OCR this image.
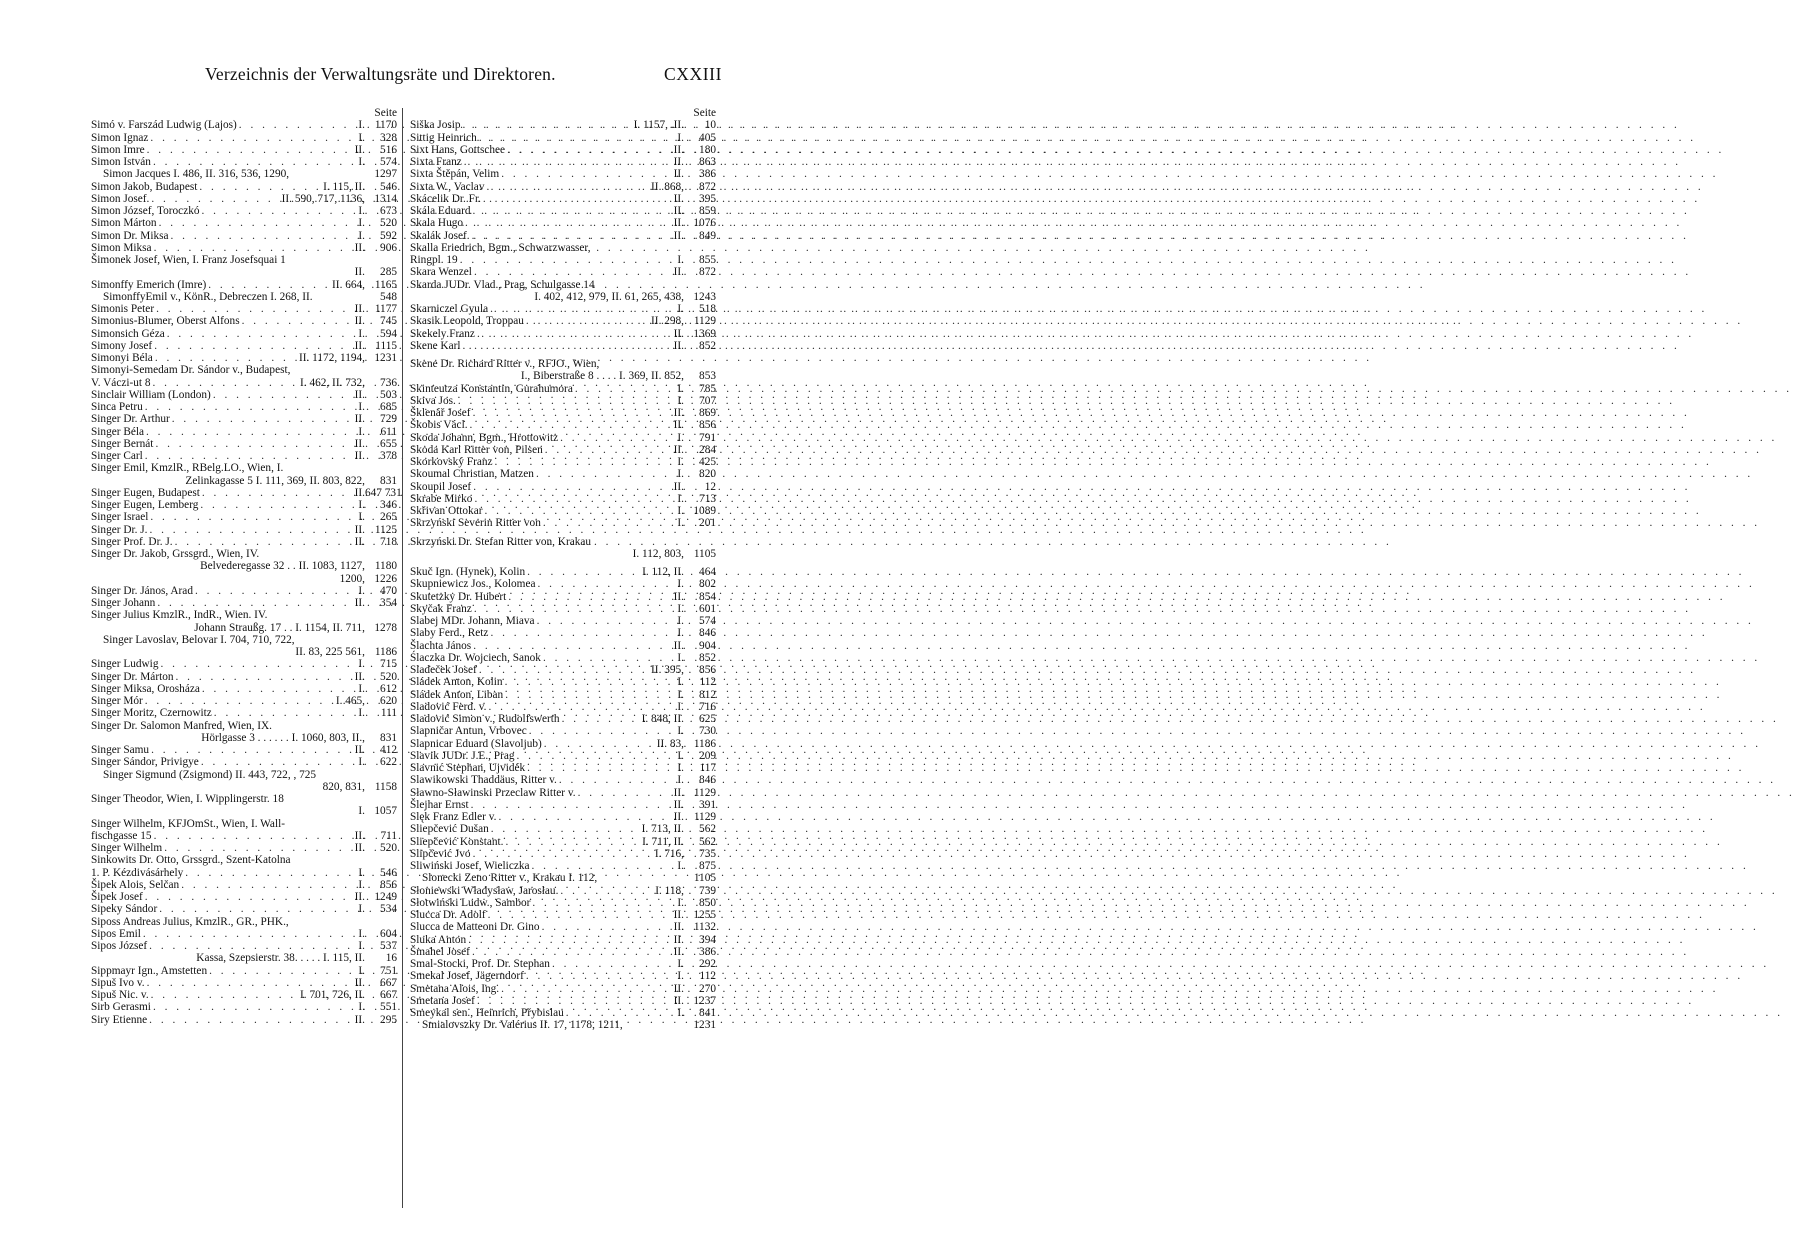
Verzeichnis der Verwaltungsräte und Direktoren.	CXXIII
Seite
Simó v. Farszád Ludwig (Lajos) . . .	I. 1170
Simon Ignaz . . .	I.	328
Simon Imre . . .	II.	516
Simon István . . .	I.	574
Simon Jacques I. 486, II. 316, 536, 1290,	1297
Simon Jakob, Budapest . . .	I. 115, II.	546
Simon Josef. . . .	II. 590, 717, 1136, 1314
Simon József, Toroczkó . . .	I.	673
Simon Márton . . .	I.	520
Simon Dr. Miksa . . .	I.	592
Simon Miksa . . .	II.	906
Šimonek Josef, Wien, I. Franz Josefsquai 1
II.	285
Simonffy Emerich (Imre) . . .	II. 664, 1165
SimonffyEmil v., KönR., Debreczen I. 268, II.	548
Simonis Peter . . .	II. 1177
Simonius-Blumer, Oberst Alfons . . .	II.	745
Simonsich Géza . . .	I.	594
Simony Josef . . .	II. 1115
Simonyi Béla . . .	II. 1172, 1194, 1231
Simonyi-Semedam Dr. Sándor v., Budapest,
V. Váczi-ut 8 . . .	I. 462, II. 732,	736
Sinclair William (London) . . .	II.	503
Sinca Petru . . .	I.	685
Singer Dr. Arthur . . .	II.	729
Singer Béla . . .	I.	611
Singer Bernát . . .	II.	655
Singer Carl . . .	II.	378
Singer Emil, KmzlR., RBelg.LO., Wien, I.
Zelinkagasse 5 I. 111, 369, II. 803, 822,	831
Singer Eugen, Budapest . . .	II. 647 731
Singer Eugen, Lemberg . . .	I.	346
Singer Israel . . .	I.	265
Singer Dr. J. . . .	II. 1125
Singer Prof. Dr. J. . . .	II.	718
Singer Dr. Jakob, Grssgrd., Wien, IV.
Belvederegasse 32 . . II. 1083, 1127, 1180
1200, 1226
Singer Dr. János, Arad . . .	I.	470
Singer Johann . . .	II.	354
Singer Julius KmzlR., IndR., Wien. IV.
Johann Straußg. 17 . . I. 1154, II. 711, 1278
Singer Lavoslav, Belovar I. 704, 710, 722,
II. 83, 225 561, 1186
Singer Ludwig . . .	I.	715
Singer Dr. Márton . . .	II.	520
Singer Miksa, Orosháza . . .	I.	612
Singer Mór . . .	I. 465,	620
Singer Moritz, Czernowitz . . .	I.	111
Singer Dr. Salomon Manfred, Wien, IX.
Hörlgasse 3 . . . . . . I. 1060, 803, II.,	831
Singer Samu . . .	II.	412
Singer Sándor, Privigye . . .	I.	622
Singer Sigmund (Zsigmond) II. 443, 722, , 725
820, 831, 1158
Singer Theodor, Wien, I. Wipplingerstr. 18
I. 1057
Singer Wilhelm, KFJOmSt., Wien, I. Wall-
fischgasse 15 . . .	II.	711
Singer Wilhelm . . .	II.	520
Sinkowits Dr. Otto, Grssgrd., Szent-Katolna
1. P. Kézdivásárhely . . .	I.	546
Šipek Alois, Selčan . . .	I.	856
Šipek Josef . . .	II. 1249
Sipeky Sándor . . .	I.	534
Siposs Andreas Julius, KmzlR., GR., PHK.,
Sipos Emil . . .	I.	604
Sipos József . . .	I.	537
Kassa, Szepsierstr. 38. . . . . I. 115, II.	16
Sippmayr Ign., Amstetten . . .	I.	751
Sipuš Ivo v. . . .	II.	667
Sipuš Nic. v. . . .	I. 701, 726, II.	667
Sirb Gerasmi . . .	I.	551
Siry Etienne . . .	II.	295
Seite
Siška Josip . . .	I. 1157, .II.	10
Sittig Heinrich . . .	I.	405
Sixt Hans, Gottschee . . .	II.	180
Sixta Franz . . .	II.	863
Sixta Štěpán, Velim . . .	II.	386
Sixta W., Vaclav . . .	II. 868,	872
Skácelik Dr. Fr. . . .	II.	395
Skála Eduard . . .	II.	859
Skala Hugo . . .	II. 1076
Skalák Josef. . . .	II.	849
Skalla Friedrich, Bgm., Schwarzwasser,
Ringpl. 19 . . .	I.	855
Skara Wenzel . . .	II.	872
Skarda JUDr. Vlad., Prag, Schulgasse 14
I. 402, 412, 979, II. 61, 265, 438, 1243
Skarniczel Gyula . . .	I.	518
Skasik Leopold, Troppau . . .	II. 298, 1129
Skekely Franz . . .	II. 1369
Skene Karl . . .	II.	852
Skene Dr. Richard Ritter v., RFJO., Wien,
I., Biberstraße 8 . . . . I. 369, II. 852,	853
Skinteutza Konstantin, Gurahumora . . .	I.	785
Skiva Jos. . . .	I.	707
Šklenář Josef . . .	II.	869
Škobis Václ. . . .	II.	856
Skoda Johann, Bgm., Hrottowitz . . .	I.	791
Skoda Karl Ritter von, Pilsen . . .	II.	284
Skorkovský Franz . . .	I.	425
Skoumal Christian, Matzen . . .	I.	820
Skoupil Josef . . .	II.	12
Skrabe Mirko . . .	I.	713
Skřivan Ottokar . . .	I. 1089
Skrzyński Severin Ritter von . . .	I.	201
Skrzyński Dr. Stefan Ritter von, Krakau
I. 112, 803, 1105
Skuč Ign. (Hynek), Kolin . . .	I. 112, II.	464
Skupniewicz Jos., Kolomea . . .	I.	802
Skutetzky Dr. Hubert . . .	II.	854
Skyčak Franz . . .	I.	601
Slabej MDr. Johann, Miava . . .	I.	574
Slaby Ferd., Retz . . .	I.	846
Šlachta János . . .	II.	904
Ślaczka Dr. Wojciech, Sanok . . .	I.	852
Sladeček Josef . . .	II. 395,	856
Sládek Anton, Kolin . . .	I.	112
Sládek Anton, Liban . . .	I.	812
Sladović Ferd. v. . . .	I.	716
Sladović Simon v., Rudolfswerth . . .	I. 848, II.	625
Slapničar Antun, Vrbovec . . .	I.	730
Slapnicar Eduard (Slavoljub) . . .	II. 83, 1186
Slavik JUDr. J.E., Prag . . .	I.	209
Slavnić Stephan, Ujvidék . . .	I.	117
Slawikowski Thaddäus, Ritter v. . . .	I.	846
Sławno-Sławinski Przeclaw Ritter v. . . .	II. 1129
Šlejhar Ernst . . .	II.	391
Slęk Franz Edler v. . . .	II. 1129
Sliepčević Dušan . . .	I. 713, II.	562
Sliepčević Konstant. . . .	I. 711, II.	562
Slipčević Jvo . . .	I. 716,	735
Sliwiński Josef, Wieliczka . . .	I.	875
Slonecki Zeno Ritter v., Krakau I. 112,	1105
Słoniewski Władysław, Jarosłau. . . .	I. 118,	739
Słotwiński Ludw., Sambor . . .	I.	850
Slucca Dr. Adolf . . .	II. 1255
Slucca de Matteoni Dr. Gino . . .	II. 1132
Sluka Anton . . .	II.	394
Šmahel Josef . . .	II.	386
Smal-Stocki, Prof. Dr. Stephan . . .	I.	292
Smekal Josef, Jägerndorf . . .	I.	112
Smetana Alois, Ing. . . .	II.	270
Smetana Josef . . .	II. 1237
Smeykal sen., Heinrich, Přybislau . . .	I.	841
Smialovszky Dr. Valérius II. 17, 1178, 1211,	1231
